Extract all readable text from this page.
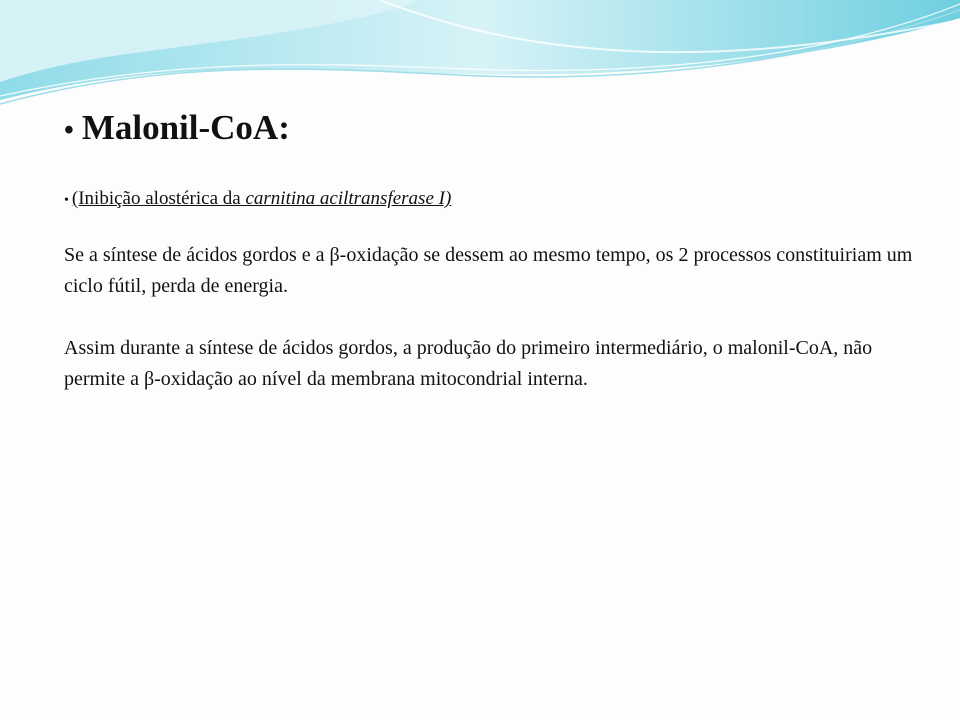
• Malonil-CoA:
• (Inibição alostérica da carnitina aciltransferase I)

Se a síntese de ácidos gordos e a β-oxidação se dessem ao mesmo tempo, os 2 processos constituiriam um ciclo fútil, perda de energia.

Assim durante a síntese de ácidos gordos, a produção do primeiro intermediário, o malonil-CoA, não permite a β-oxidação ao nível da membrana mitocondrial interna.
